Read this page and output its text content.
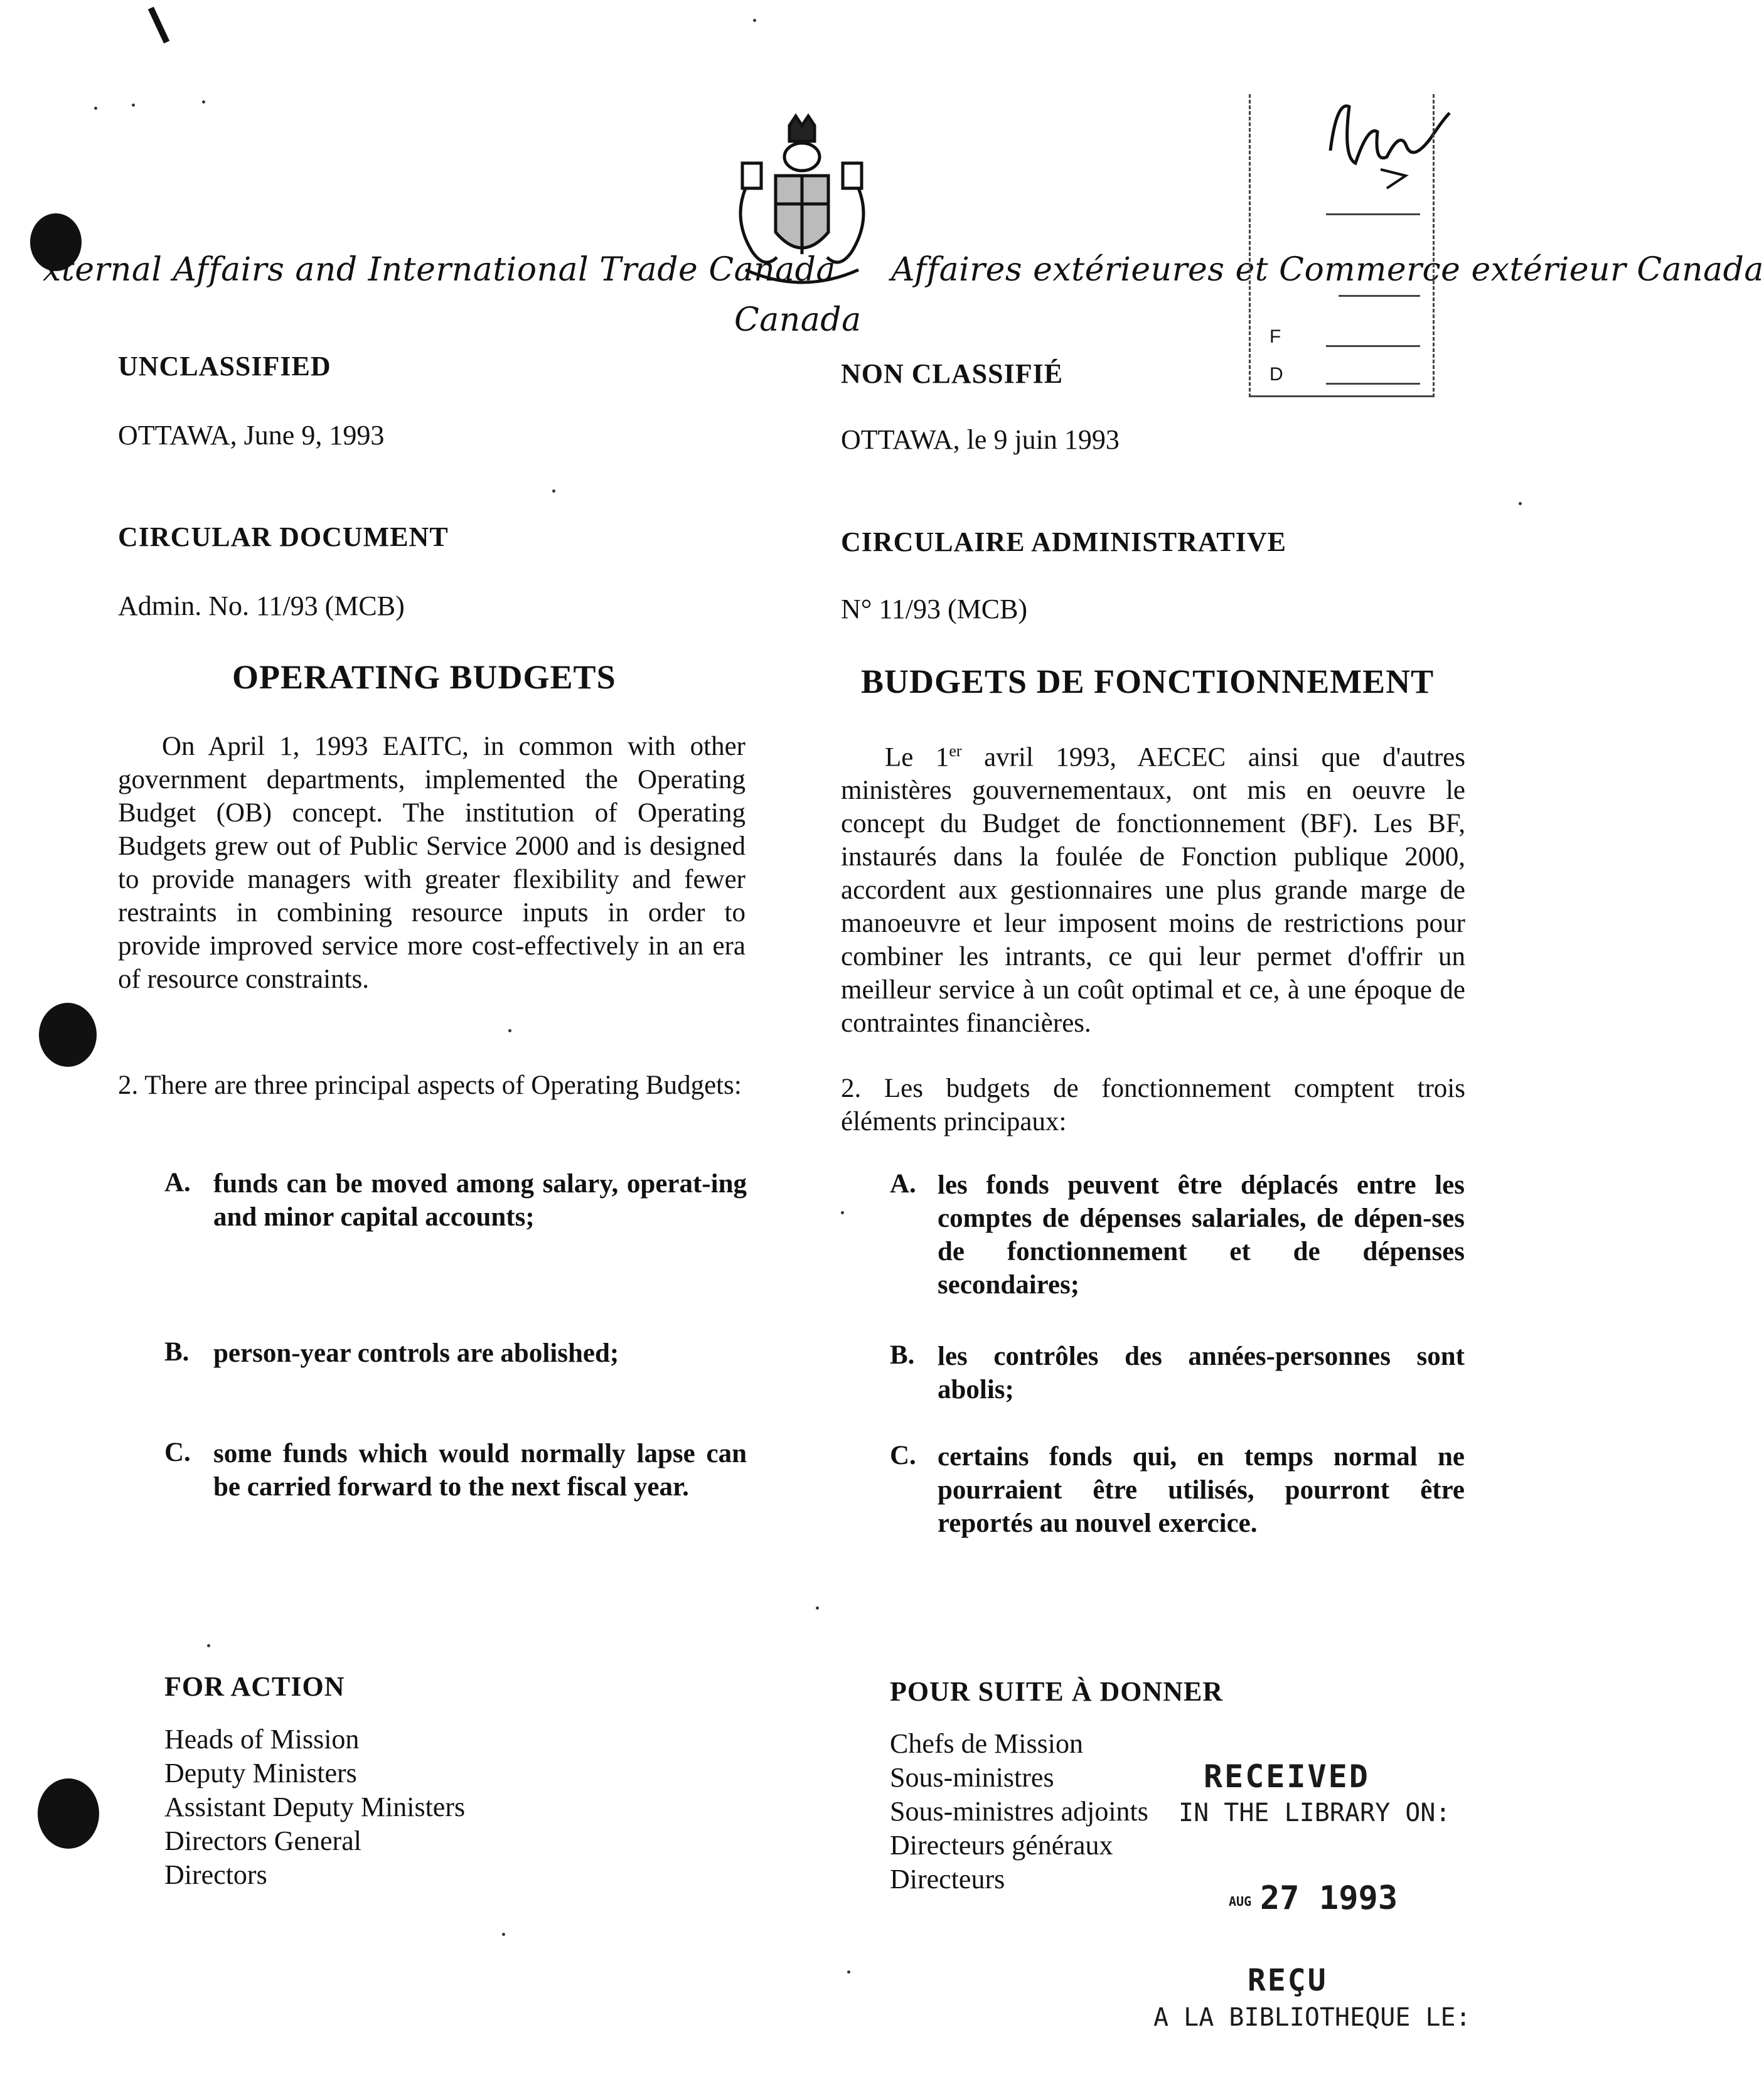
xternal Affairs and International Trade Canada Affaires extérieures et Commerce extérieur Canada
Canada	F
D
UNCLASSIFIED
OTTAWA, June 9, 1993
CIRCULAR DOCUMENT
Admin. No. 11/93 (MCB)
OPERATING BUDGETS
On April 1, 1993 EAITC, in common with other government departments, implemented the Operating Budget (OB) concept. The institution of Operating Budgets grew out of Public Service 2000 and is designed to provide managers with greater flexibility and fewer restraints in combining resource inputs in order to provide improved service more cost-effectively in an era of resource constraints.
2. There are three principal aspects of Operating Budgets:
A. funds can be moved among salary, operat-ing and minor capital accounts;
B. person-year controls are abolished;
C. some funds which would normally lapse can be carried forward to the next fiscal year.
FOR ACTION
Heads of Mission
Deputy Ministers
Assistant Deputy Ministers
Directors General
Directors
NON CLASSIFIÉ
OTTAWA, le 9 juin 1993
CIRCULAIRE ADMINISTRATIVE
N° 11/93 (MCB)
BUDGETS DE FONCTIONNEMENT
Le 1er avril 1993, AECEC ainsi que d'autres ministères gouvernementaux, ont mis en oeuvre le concept du Budget de fonctionnement (BF). Les BF, instaurés dans la foulée de Fonction publique 2000, accordent aux gestionnaires une plus grande marge de manoeuvre et leur imposent moins de restrictions pour combiner les intrants, ce qui leur permet d'offrir un meilleur service à un coût optimal et ce, à une époque de contraintes financières.
2. Les budgets de fonctionnement comptent trois éléments principaux:
A. les fonds peuvent être déplacés entre les comptes de dépenses salariales, de dépen-ses de fonctionnement et de dépenses secondaires;
B. les contrôles des années-personnes sont abolis;
C. certains fonds qui, en temps normal ne pourraient être utilisés, pourront être reportés au nouvel exercice.
POUR SUITE À DONNER
Chefs de Mission
Sous-ministres
Sous-ministres adjoints
Directeurs généraux
Directeurs
RECEIVED
IN THE LIBRARY ON:
AUG 27 1993
REÇU
A LA BIBLIOTHEQUE LE:
